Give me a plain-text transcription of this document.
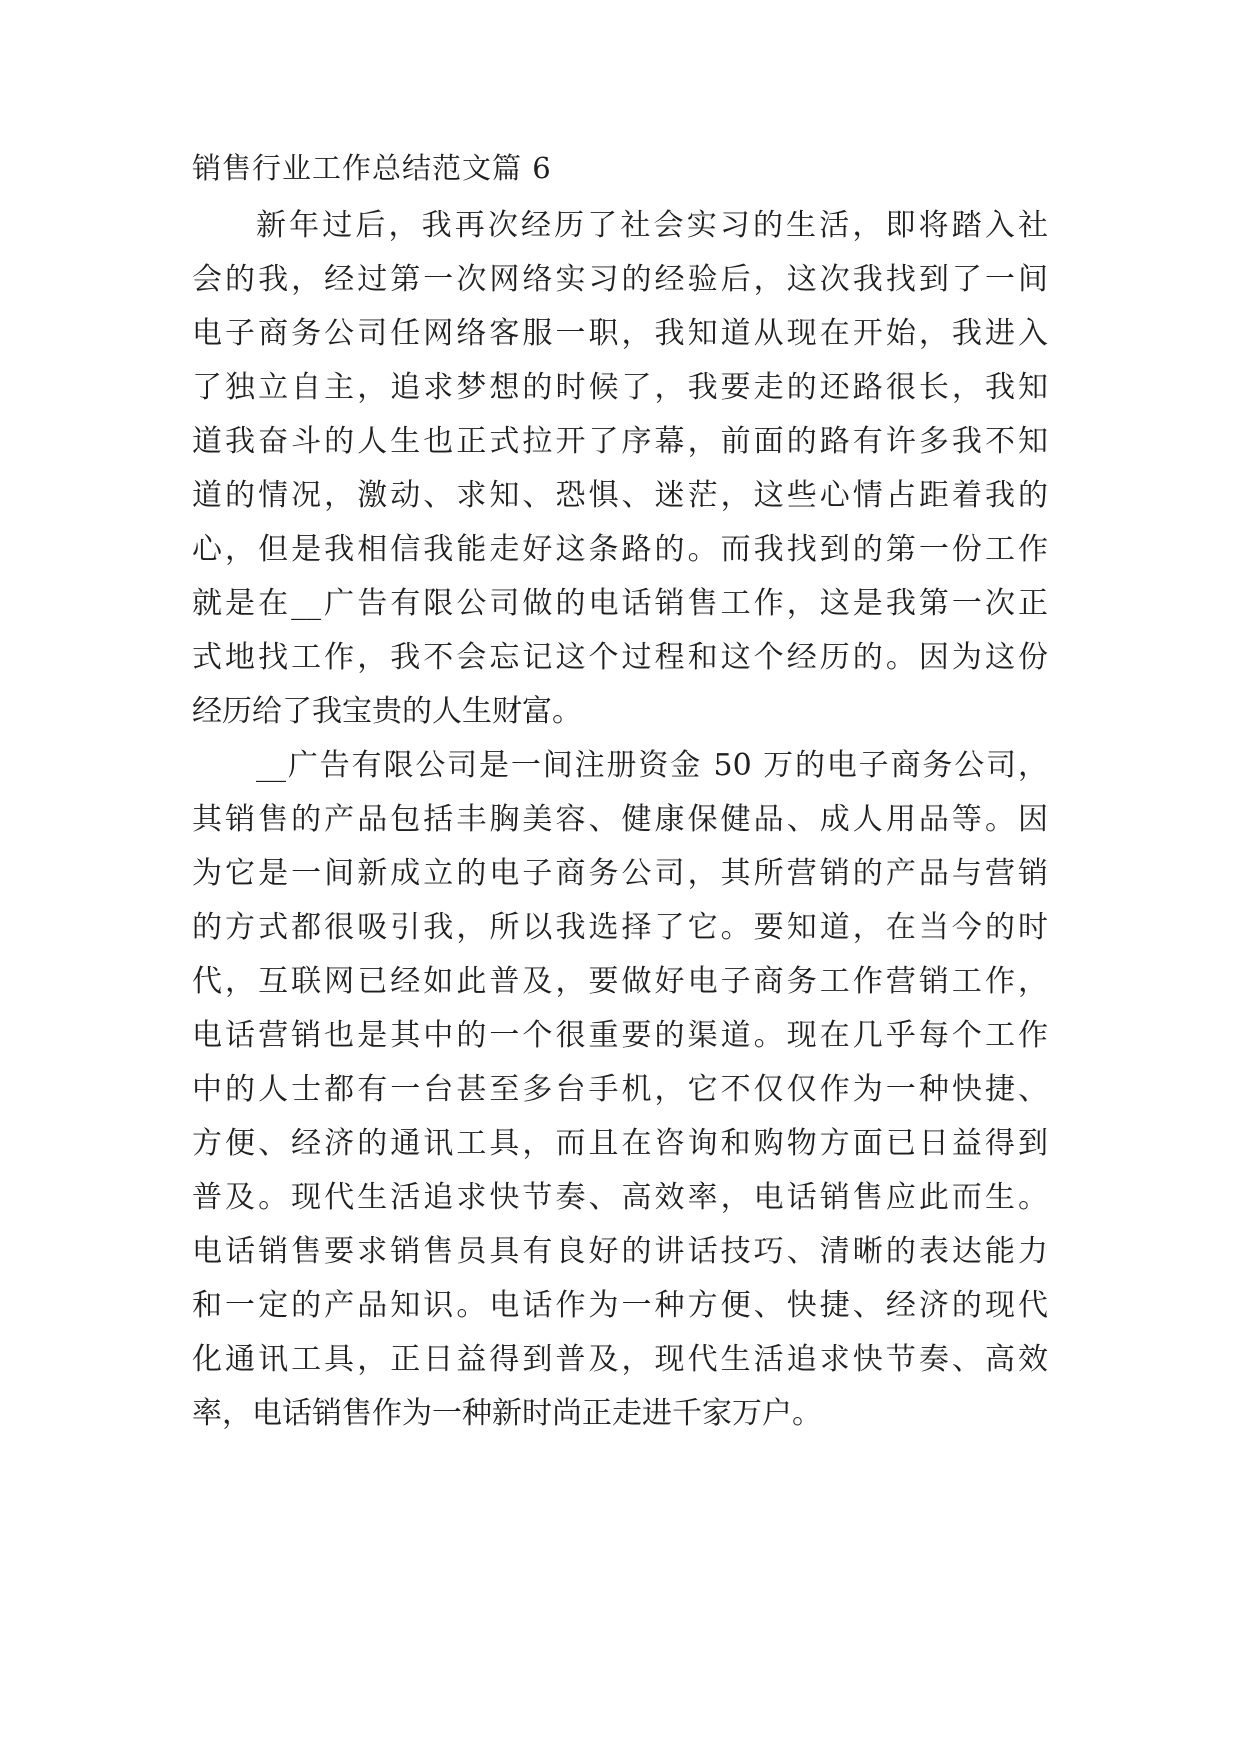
销售行业工作总结范文篇 6
新年过后，我再次经历了社会实习的生活，即将踏入社
会的我，经过第一次网络实习的经验后，这次我找到了一间
电子商务公司任网络客服一职，我知道从现在开始，我进入
了独立自主，追求梦想的时候了，我要走的还路很长，我知
道我奋斗的人生也正式拉开了序幕，前面的路有许多我不知
道的情况，激动、求知、恐惧、迷茫，这些心情占距着我的
心，但是我相信我能走好这条路的。而我找到的第一份工作
就是在__广告有限公司做的电话销售工作，这是我第一次正
式地找工作，我不会忘记这个过程和这个经历的。因为这份
经历给了我宝贵的人生财富。
__广告有限公司是一间注册资金 50 万的电子商务公司，
其销售的产品包括丰胸美容、健康保健品、成人用品等。因
为它是一间新成立的电子商务公司，其所营销的产品与营销
的方式都很吸引我，所以我选择了它。要知道，在当今的时
代，互联网已经如此普及，要做好电子商务工作营销工作，
电话营销也是其中的一个很重要的渠道。现在几乎每个工作
中的人士都有一台甚至多台手机，它不仅仅作为一种快捷、
方便、经济的通讯工具，而且在咨询和购物方面已日益得到
普及。现代生活追求快节奏、高效率，电话销售应此而生。
电话销售要求销售员具有良好的讲话技巧、清晰的表达能力
和一定的产品知识。电话作为一种方便、快捷、经济的现代
化通讯工具，正日益得到普及，现代生活追求快节奏、高效
率，电话销售作为一种新时尚正走进千家万户。
